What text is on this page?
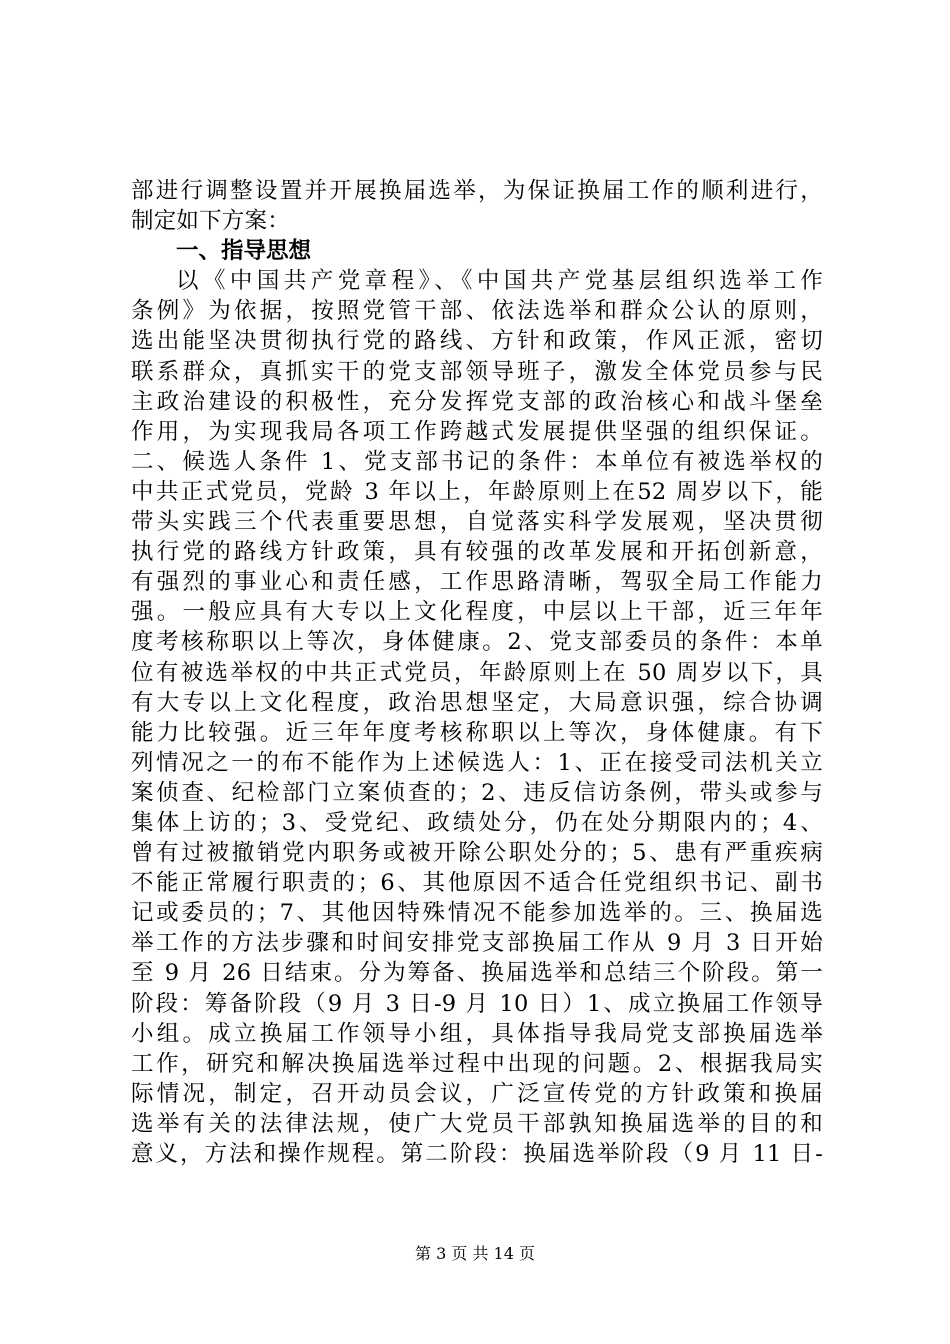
部进行调整设置并开展换届选举，为保证换届工作的顺利进行，
制定如下方案：
一、指导思想
以《中国共产党章程》、《中国共产党基层组织选举工作
条例》为依据，按照党管干部、依法选举和群众公认的原则，
选出能坚决贯彻执行党的路线、方针和政策，作风正派，密切
联系群众，真抓实干的党支部领导班子，激发全体党员参与民
主政治建设的积极性，充分发挥党支部的政治核心和战斗堡垒
作用，为实现我局各项工作跨越式发展提供坚强的组织保证。
二、候选人条件 1、党支部书记的条件：本单位有被选举权的
中共正式党员，党龄 3 年以上，年龄原则上在52 周岁以下，能
带头实践三个代表重要思想，自觉落实科学发展观，坚决贯彻
执行党的路线方针政策，具有较强的改革发展和开拓创新意，
有强烈的事业心和责任感，工作思路清晰，驾驭全局工作能力
强。一般应具有大专以上文化程度，中层以上干部，近三年年
度考核称职以上等次，身体健康。2、党支部委员的条件：本单
位有被选举权的中共正式党员，年龄原则上在 50 周岁以下，具
有大专以上文化程度，政治思想坚定，大局意识强，综合协调
能力比较强。近三年年度考核称职以上等次，身体健康。有下
列情况之一的布不能作为上述候选人：1、正在接受司法机关立
案侦查、纪检部门立案侦查的；2、违反信访条例，带头或参与
集体上访的；3、受党纪、政绩处分，仍在处分期限内的；4、
曾有过被撤销党内职务或被开除公职处分的；5、患有严重疾病
不能正常履行职责的；6、其他原因不适合任党组织书记、副书
记或委员的；7、其他因特殊情况不能参加选举的。三、换届选
举工作的方法步骤和时间安排党支部换届工作从 9 月 3 日开始
至 9 月 26 日结束。分为筹备、换届选举和总结三个阶段。第一
阶段：筹备阶段（9 月 3 日-9 月 10 日）1、成立换届工作领导
小组。成立换届工作领导小组，具体指导我局党支部换届选举
工作，研究和解决换届选举过程中出现的问题。2、根据我局实
际情况，制定，召开动员会议，广泛宣传党的方针政策和换届
选举有关的法律法规，使广大党员干部孰知换届选举的目的和
意义，方法和操作规程。第二阶段：换届选举阶段（9 月 11 日-
第 3 页 共 14 页
